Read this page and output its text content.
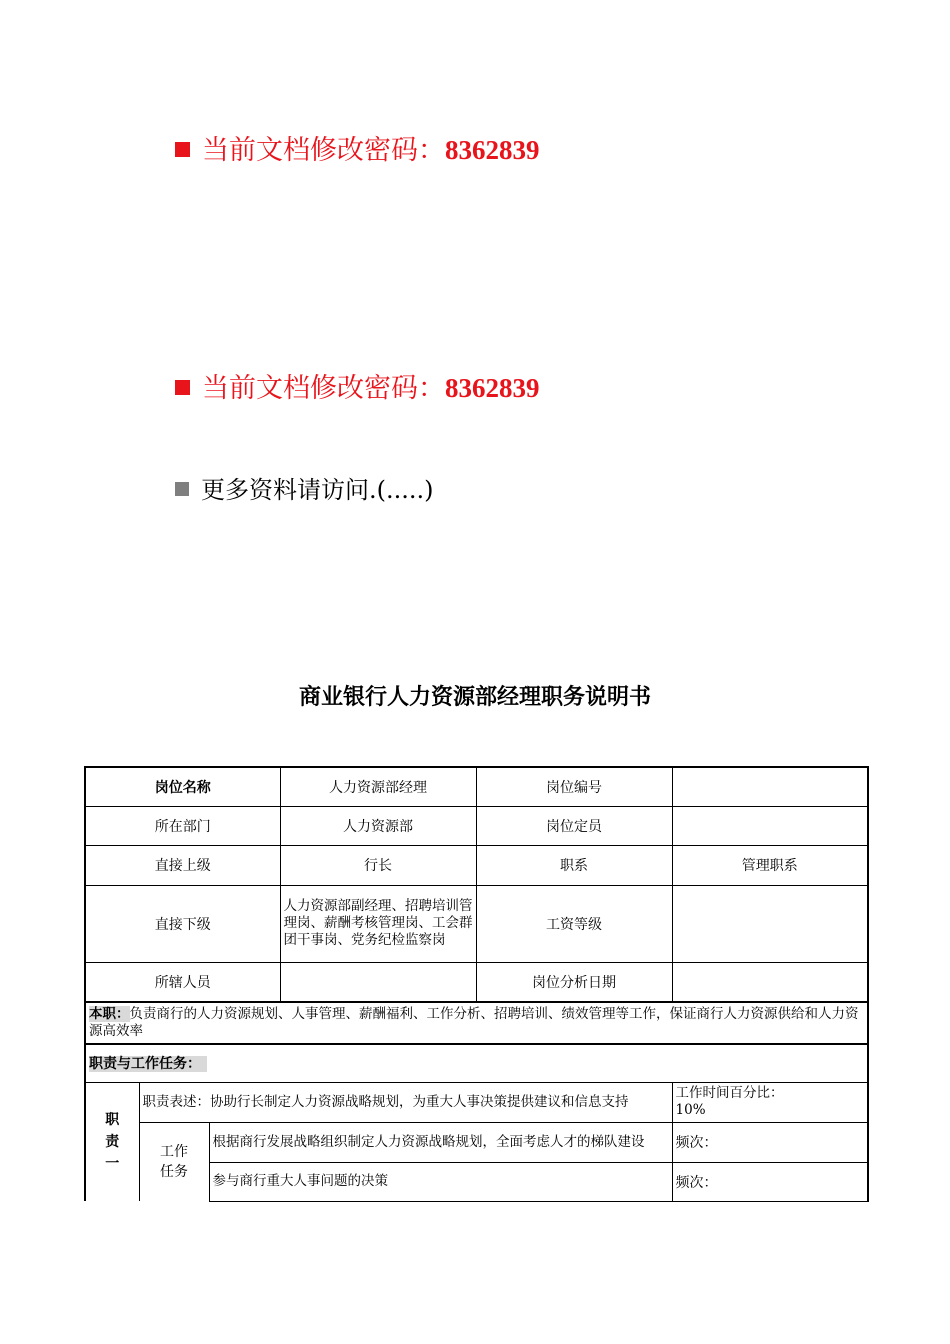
当前文档修改密码：8362839
当前文档修改密码：8362839
更多资料请访问.(.....)
商业银行人力资源部经理职务说明书
岗位名称			人力资源部经理	岗位编号	
所在部门			人力资源部	岗位定员	
直接上级			行长	职系	管理职系
直接下级			人力资源部副经理、招聘培训管理岗、薪酬考核管理岗、工会群团干事岗、党务纪检监察岗	工资等级	
所辖人员				岗位分析日期	
本职：负责商行的人力资源规划、人事管理、薪酬福利、工作分析、招聘培训、绩效管理等工作，保证商行人力资源供给和人力资源高效率					
职责与工作任务：					

职责一	职责表述：协助行长制定人力资源战略规划，为重大人事决策提供建议和信息支持				工作时间百分比：
10%

	工作任务	根据商行发展战略组织制定人力资源战略规划，全面考虑人才的梯队建设			频次：
		参与商行重大人事问题的决策			频次：
